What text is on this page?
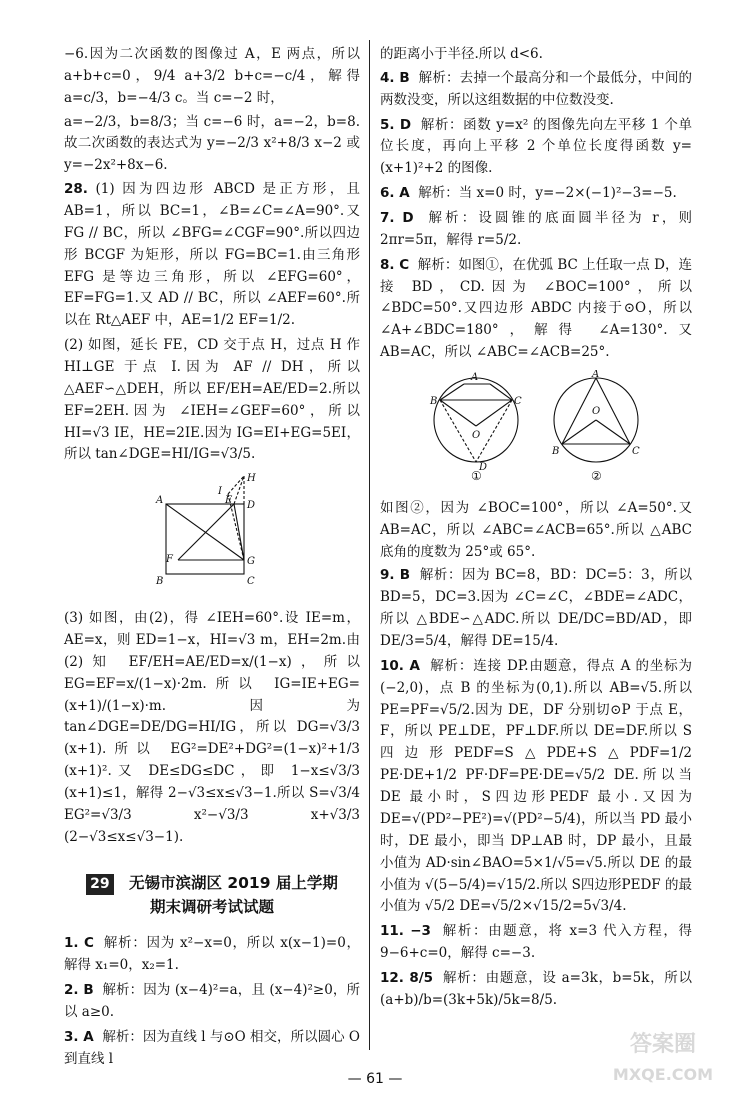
−6.因为二次函数的图像过 A，E 两点，所以 a+b+c=0，9/4 a+3/2 b+c=−c/4，解得 a=c/3，b=−4/3 c。当 c=−2 时，

a=−2/3，b=8/3；当 c=−6 时，a=−2，b=8.故二次函数的表达式为 y=−2/3 x²+8/3 x−2 或 y=−2x²+8x−6.

28. (1) 因为四边形 ABCD 是正方形，且 AB=1，所以 BC=1，∠B=∠C=∠A=90°.又 FG // BC，所以 ∠BFG=∠CGF=90°.所以四边形 BCGF 为矩形，所以 FG=BC=1.由三角形 EFG 是等边三角形，所以 ∠EFG=60°，EF=FG=1.又 AD // BC，所以 ∠AEF=60°.所以在 Rt△AEF 中，AE=1/2 EF=1/2.

(2) 如图，延长 FE，CD 交于点 H，过点 H 作 HI⊥GE 于点 I.因为 AF // DH，所以 △AEF∽△DEH，所以 EF/EH=AE/ED=2.所以 EF=2EH.因为 ∠IEH=∠GEF=60°，所以 HI=√3 IE，HE=2IE.因为 IG=EI+EG=5EI，所以 tan∠DGE=HI/IG=√3/5.

A	D
E
F	G
B	C
H
I

(3) 如图，由(2)，得 ∠IEH=60°.设 IE=m，AE=x，则 ED=1−x，HI=√3 m，EH=2m.由(2)知 EF/EH=AE/ED=x/(1−x)，所以 EG=EF=x/(1−x)·2m.所以 IG=IE+EG=(x+1)/(1−x)·m.因为 tan∠DGE=DE/DG=HI/IG，所以 DG=√3/3 (x+1).所以 EG²=DE²+DG²=(1−x)²+1/3 (x+1)².又 DE≤DG≤DC，即 1−x≤√3/3 (x+1)≤1，解得 2−√3≤x≤√3−1.所以 S=√3/4 EG²=√3/3 x²−√3/3 x+√3/3 (2−√3≤x≤√3−1).

29 无锡市滨湖区 2019 届上学期
期末调研考试试题
1. C 解析：因为 x²−x=0，所以 x(x−1)=0，解得 x₁=0，x₂=1.
2. B 解析：因为 (x−4)²=a，且 (x−4)²≥0，所以 a≥0.
3. A 解析：因为直线 l 与⊙O 相交，所以圆心 O 到直线 l

的距离小于半径.所以 d<6.

4. B 解析：去掉一个最高分和一个最低分，中间的两数没变，所以这组数据的中位数没变.
5. D 解析：函数 y=x² 的图像先向左平移 1 个单位长度，再向上平移 2 个单位长度得函数 y=(x+1)²+2 的图像.
6. A 解析：当 x=0 时，y=−2×(−1)²−3=−5.
7. D 解析：设圆锥的底面圆半径为 r，则 2πr=5π，解得 r=5/2.
8. C 解析：如图①，在优弧 BC 上任取一点 D，连接 BD，CD.因为 ∠BOC=100°，所以 ∠BDC=50°.又四边形 ABDC 内接于⊙O，所以 ∠A+∠BDC=180°，解得 ∠A=130°.又 AB=AC，所以 ∠ABC=∠ACB=25°.
A
B	C
O
D
A
B	C
O
①	②

如图②，因为 ∠BOC=100°，所以 ∠A=50°.又 AB=AC，所以 ∠ABC=∠ACB=65°.所以 △ABC 底角的度数为 25°或 65°.

9. B 解析：因为 BC=8，BD：DC=5：3，所以 BD=5，DC=3.因为 ∠C=∠C，∠BDE=∠ADC，所以 △BDE∽△ADC.所以 DE/DC=BD/AD，即 DE/3=5/4，解得 DE=15/4.
10. A 解析：连接 DP.由题意，得点 A 的坐标为(−2,0)，点 B 的坐标为(0,1).所以 AB=√5.所以 PE=PF=√5/2.因为 DE，DF 分别切⊙P 于点 E，F，所以 PE⊥DE，PF⊥DF.所以 DE=DF.所以 S四边形PEDF=S△PDE+S△PDF=1/2 PE·DE+1/2 PF·DF=PE·DE=√5/2 DE.所以当 DE 最小时，S四边形PEDF 最小.又因为 DE=√(PD²−PE²)=√(PD²−5/4)，所以当 PD 最小时，DE 最小，即当 DP⊥AB 时，DP 最小，且最小值为 AD·sin∠BAO=5×1/√5=√5.所以 DE 的最小值为 √(5−5/4)=√15/2.所以 S四边形PEDF 的最小值为 √5/2 DE=√5/2×√15/2=5√3/4.
11. −3 解析：由题意，将 x=3 代入方程，得 9−6+c=0，解得 c=−3.
12. 8/5 解析：由题意，设 a=3k，b=5k，所以 (a+b)/b=(3k+5k)/5k=8/5.
— 61 —
答案圈
MXQE.COM
